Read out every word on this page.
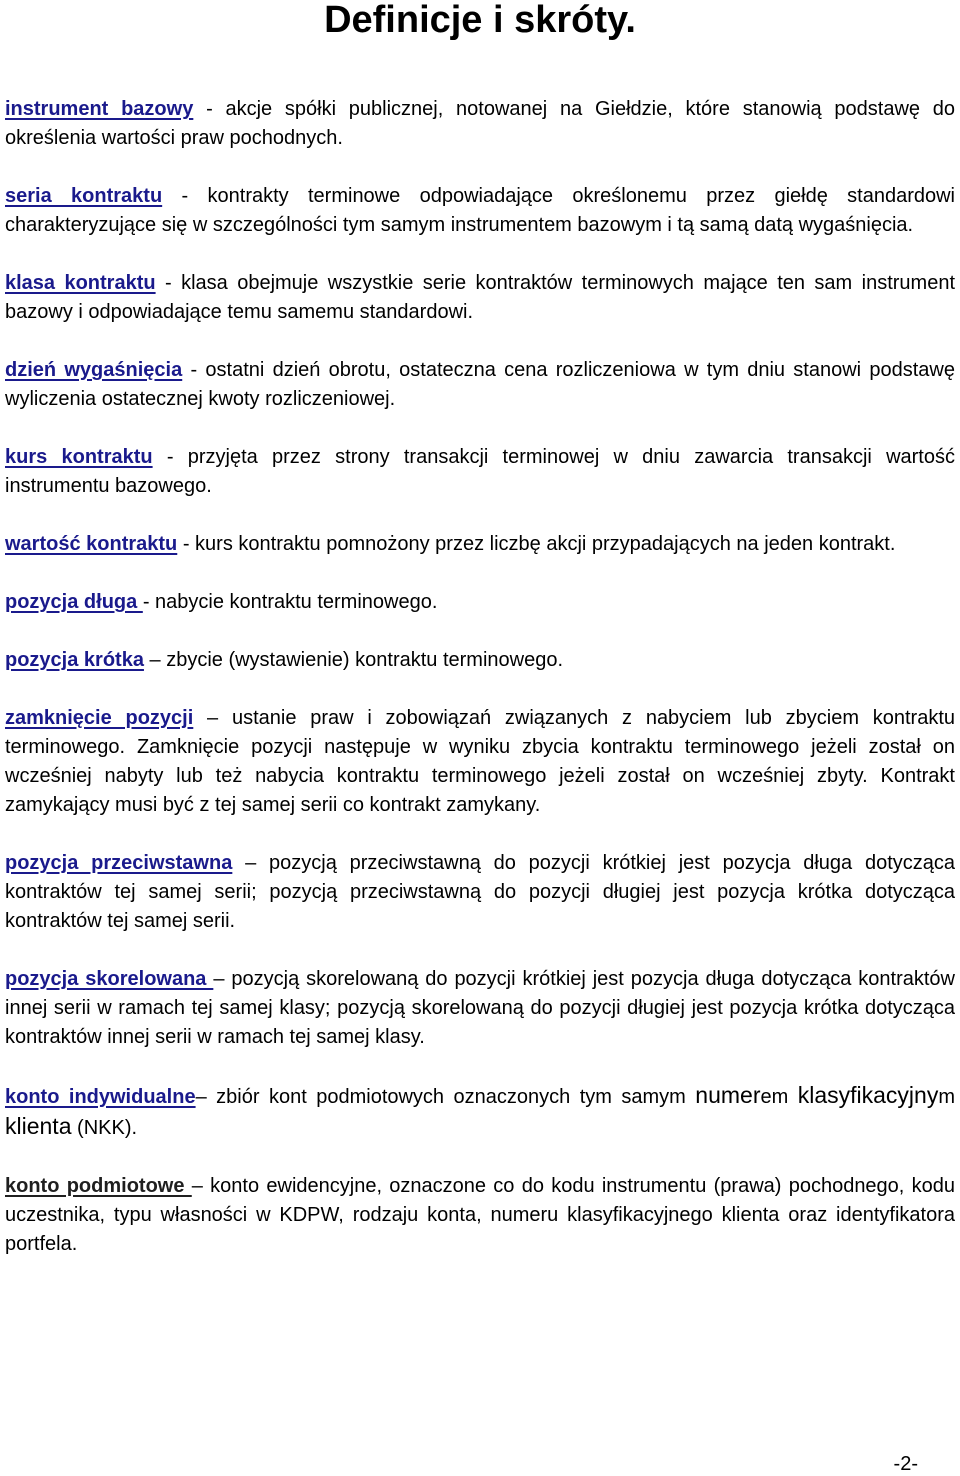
Definicje i skróty.

instrument bazowy - akcje spółki publicznej, notowanej na Giełdzie, które stanowią podstawę do określenia wartości praw pochodnych.

seria kontraktu - kontrakty terminowe odpowiadające określonemu przez giełdę standardowi charakteryzujące się w szczególności tym samym instrumentem bazowym i tą samą datą wygaśnięcia.

klasa kontraktu - klasa obejmuje wszystkie serie kontraktów terminowych mające ten sam instrument bazowy i odpowiadające temu samemu standardowi.

dzień wygaśnięcia - ostatni dzień obrotu, ostateczna cena rozliczeniowa w tym dniu stanowi podstawę wyliczenia ostatecznej kwoty rozliczeniowej.

kurs kontraktu - przyjęta przez strony transakcji terminowej w dniu zawarcia transakcji wartość instrumentu bazowego.

wartość kontraktu - kurs kontraktu pomnożony przez liczbę akcji przypadających na jeden kontrakt.

pozycja długa - nabycie kontraktu terminowego.

pozycja krótka – zbycie (wystawienie) kontraktu terminowego.

zamknięcie pozycji – ustanie praw i zobowiązań związanych z nabyciem lub zbyciem kontraktu terminowego. Zamknięcie pozycji następuje w wyniku zbycia kontraktu terminowego jeżeli został on wcześniej nabyty lub też nabycia kontraktu terminowego jeżeli został on wcześniej zbyty. Kontrakt zamykający musi być z tej samej serii co kontrakt zamykany.

pozycja przeciwstawna – pozycją przeciwstawną do pozycji krótkiej jest pozycja długa dotycząca kontraktów tej samej serii; pozycją przeciwstawną do pozycji długiej jest pozycja krótka dotycząca kontraktów tej samej serii.

pozycja skorelowana – pozycją skorelowaną do pozycji krótkiej jest pozycja długa dotycząca kontraktów innej serii w ramach tej samej klasy; pozycją skorelowaną do pozycji długiej jest pozycja krótka dotycząca kontraktów innej serii w ramach tej samej klasy.

konto indywidualne– zbiór kont podmiotowych oznaczonych tym samym numerem klasyfikacyjnym klienta (NKK).

konto podmiotowe – konto ewidencyjne, oznaczone co do kodu instrumentu (prawa) pochodnego, kodu uczestnika, typu własności w KDPW, rodzaju konta, numeru klasyfikacyjnego klienta oraz identyfikatora portfela.

-2-
